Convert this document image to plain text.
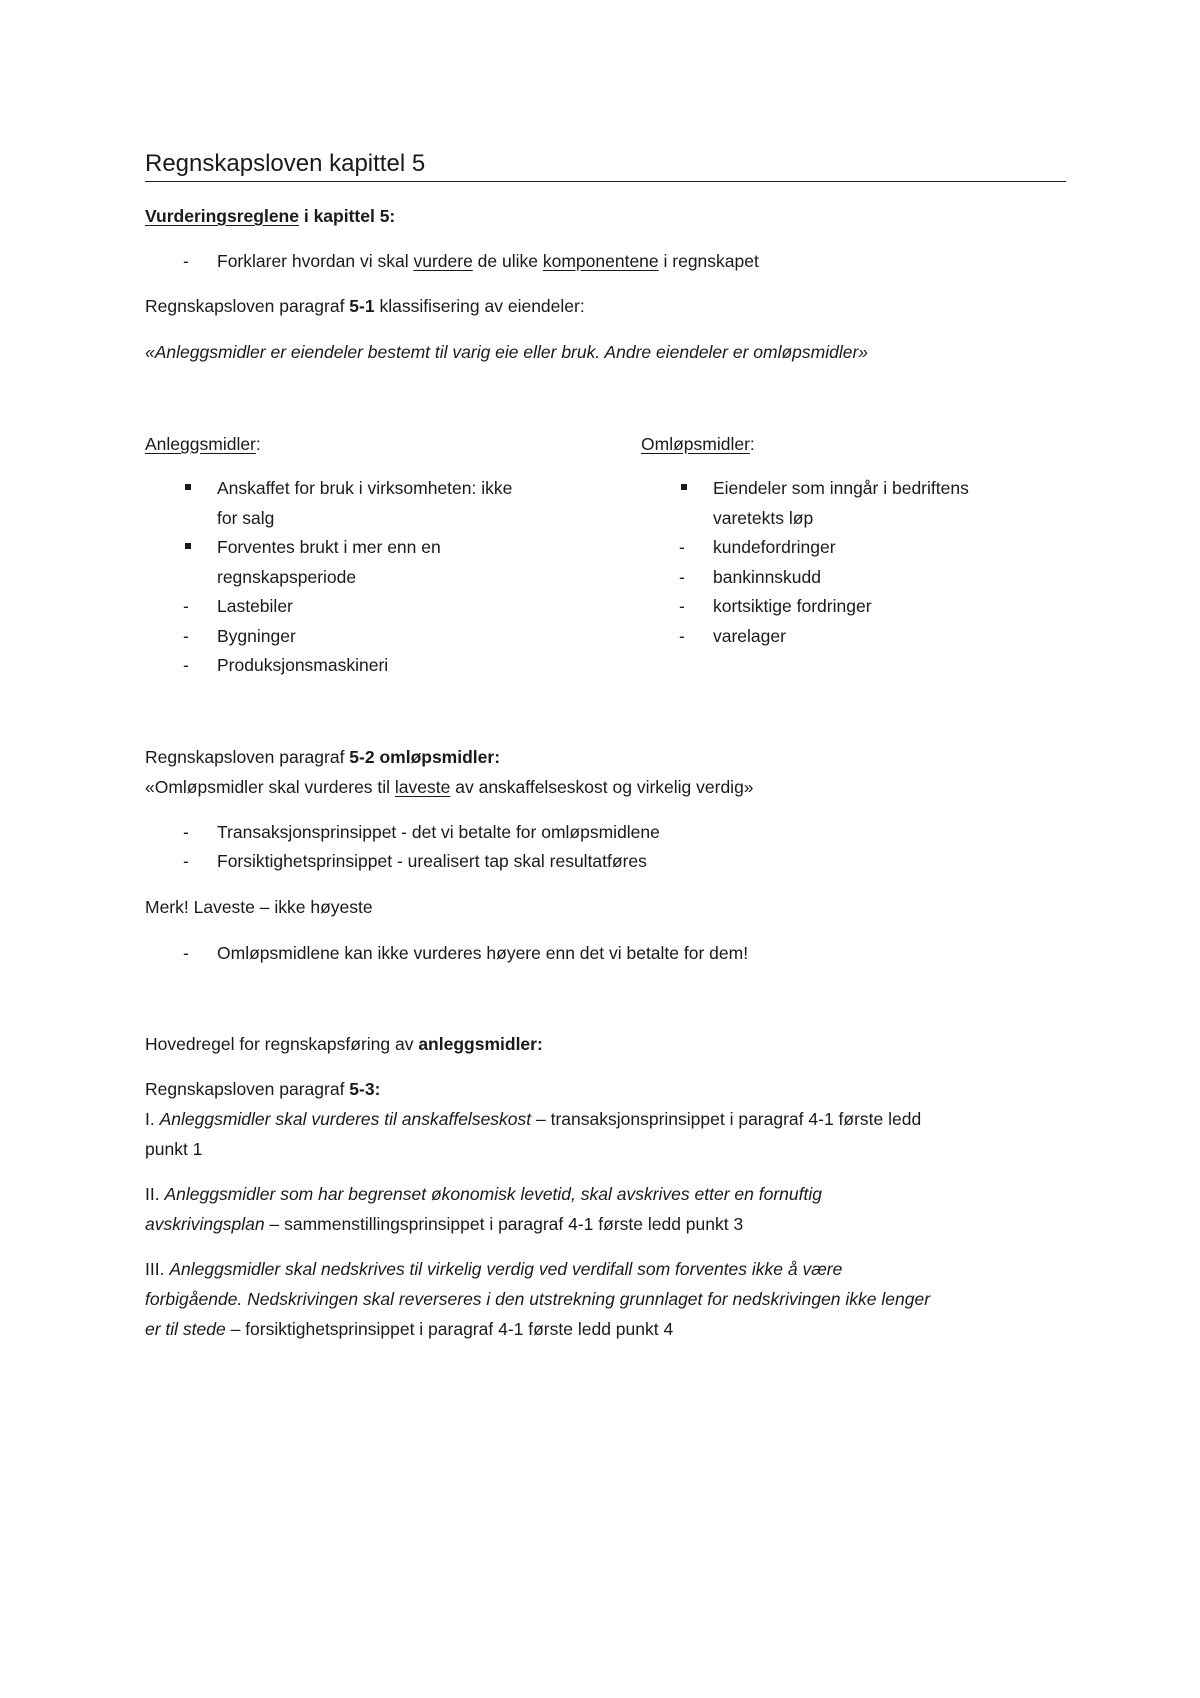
Regnskapsloven kapittel 5
Vurderingsreglene i kapittel 5:
-	Forklarer hvordan vi skal vurdere de ulike komponentene i regnskapet
Regnskapsloven paragraf 5-1 klassifisering av eiendeler:
«Anleggsmidler er eiendeler bestemt til varig eie eller bruk. Andre eiendeler er omløpsmidler»
Anleggsmidler:
Anskaffet for bruk i virksomheten: ikke
for salg
Forventes brukt i mer enn en
regnskapsperiode
-	Lastebiler
-	Bygninger
-	Produksjonsmaskineri
Omløpsmidler:
Eiendeler som inngår i bedriftens
varetekts løp
-	kundefordringer
-	bankinnskudd
-	kortsiktige fordringer
-	varelager
Regnskapsloven paragraf 5-2 omløpsmidler:
«Omløpsmidler skal vurderes til laveste av anskaffelseskost og virkelig verdig»
-	Transaksjonsprinsippet - det vi betalte for omløpsmidlene
-	Forsiktighetsprinsippet - urealisert tap skal resultatføres
Merk! Laveste – ikke høyeste
-	Omløpsmidlene kan ikke vurderes høyere enn det vi betalte for dem!
Hovedregel for regnskapsføring av anleggsmidler:
Regnskapsloven paragraf 5-3:
I. Anleggsmidler skal vurderes til anskaffelseskost – transaksjonsprinsippet i paragraf 4-1 første ledd
punkt 1
II. Anleggsmidler som har begrenset økonomisk levetid, skal avskrives etter en fornuftig
avskrivingsplan – sammenstillingsprinsippet i paragraf 4-1 første ledd punkt 3
III. Anleggsmidler skal nedskrives til virkelig verdig ved verdifall som forventes ikke å være
forbigående. Nedskrivingen skal reverseres i den utstrekning grunnlaget for nedskrivingen ikke lenger
er til stede – forsiktighetsprinsippet i paragraf 4-1 første ledd punkt 4
